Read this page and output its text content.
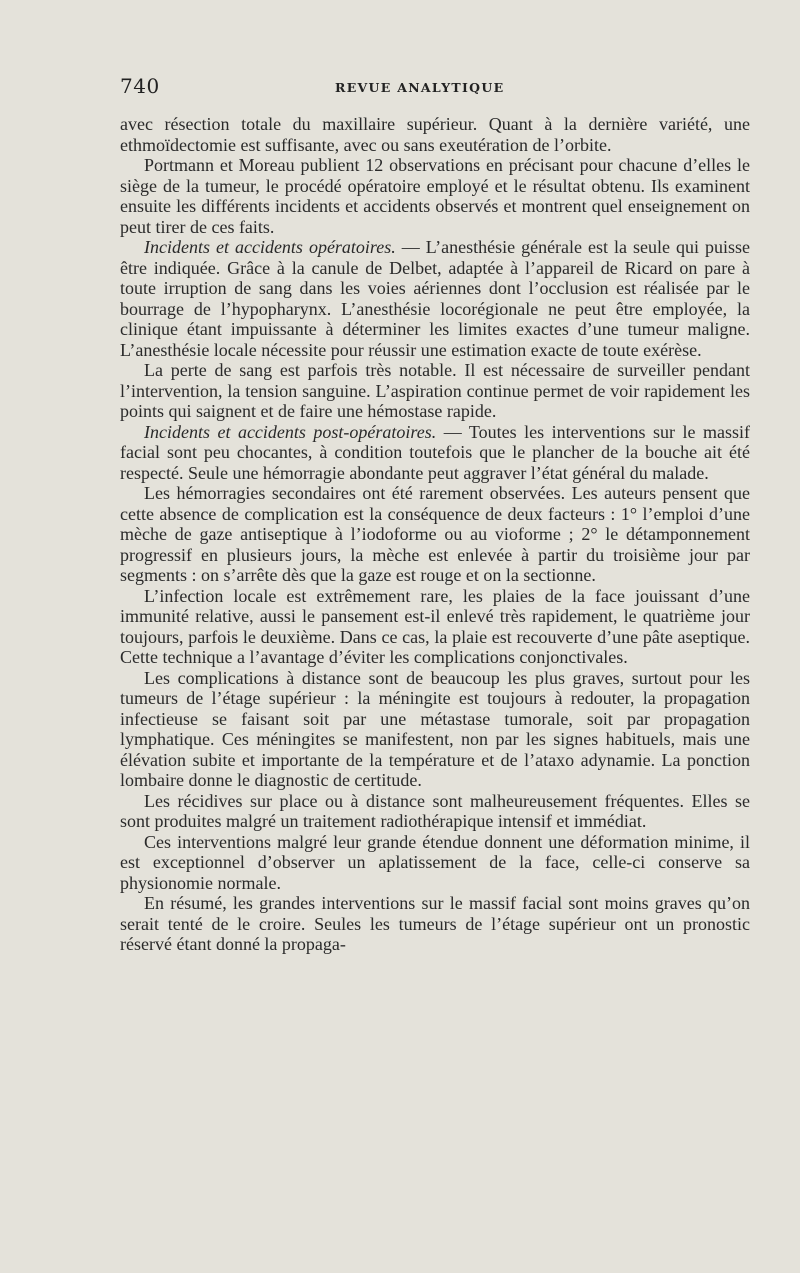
740	REVUE ANALYTIQUE

avec résection totale du maxillaire supérieur. Quant à la dernière variété, une ethmoïdectomie est suffisante, avec ou sans exeutération de l’orbite.

Portmann et Moreau publient 12 observations en précisant pour chacune d’elles le siège de la tumeur, le procédé opératoire employé et le résultat obtenu. Ils examinent ensuite les différents incidents et accidents observés et montrent quel enseignement on peut tirer de ces faits.

Incidents et accidents opératoires. — L’anesthésie générale est la seule qui puisse être indiquée. Grâce à la canule de Delbet, adaptée à l’appareil de Ricard on pare à toute irruption de sang dans les voies aériennes dont l’occlusion est réalisée par le bourrage de l’hypopharynx. L’anesthésie locorégionale ne peut être employée, la clinique étant impuissante à déterminer les limites exactes d’une tumeur maligne. L’anesthésie locale nécessite pour réussir une estimation exacte de toute exérèse.

La perte de sang est parfois très notable. Il est nécessaire de surveiller pendant l’intervention, la tension sanguine. L’aspiration continue permet de voir rapidement les points qui saignent et de faire une hémostase rapide.

Incidents et accidents post-opératoires. — Toutes les interventions sur le massif facial sont peu chocantes, à condition toutefois que le plancher de la bouche ait été respecté. Seule une hémorragie abondante peut aggraver l’état général du malade.

Les hémorragies secondaires ont été rarement observées. Les auteurs pensent que cette absence de complication est la conséquence de deux facteurs : 1° l’emploi d’une mèche de gaze antiseptique à l’iodoforme ou au vioforme ; 2° le détamponnement progressif en plusieurs jours, la mèche est enlevée à partir du troisième jour par segments : on s’arrête dès que la gaze est rouge et on la sectionne.

L’infection locale est extrêmement rare, les plaies de la face jouissant d’une immunité relative, aussi le pansement est-il enlevé très rapidement, le quatrième jour toujours, parfois le deuxième. Dans ce cas, la plaie est recouverte d’une pâte aseptique. Cette technique a l’avantage d’éviter les complications conjonctivales.

Les complications à distance sont de beaucoup les plus graves, surtout pour les tumeurs de l’étage supérieur : la méningite est toujours à redouter, la propagation infectieuse se faisant soit par une métastase tumorale, soit par propagation lymphatique. Ces méningites se manifestent, non par les signes habituels, mais une élévation subite et importante de la température et de l’ataxo adynamie. La ponction lombaire donne le diagnostic de certitude.

Les récidives sur place ou à distance sont malheureusement fréquentes. Elles se sont produites malgré un traitement radiothérapique intensif et immédiat.

Ces interventions malgré leur grande étendue donnent une déformation minime, il est exceptionnel d’observer un aplatissement de la face, celle-ci conserve sa physionomie normale.

En résumé, les grandes interventions sur le massif facial sont moins graves qu’on serait tenté de le croire. Seules les tumeurs de l’étage supérieur ont un pronostic réservé étant donné la propaga-
